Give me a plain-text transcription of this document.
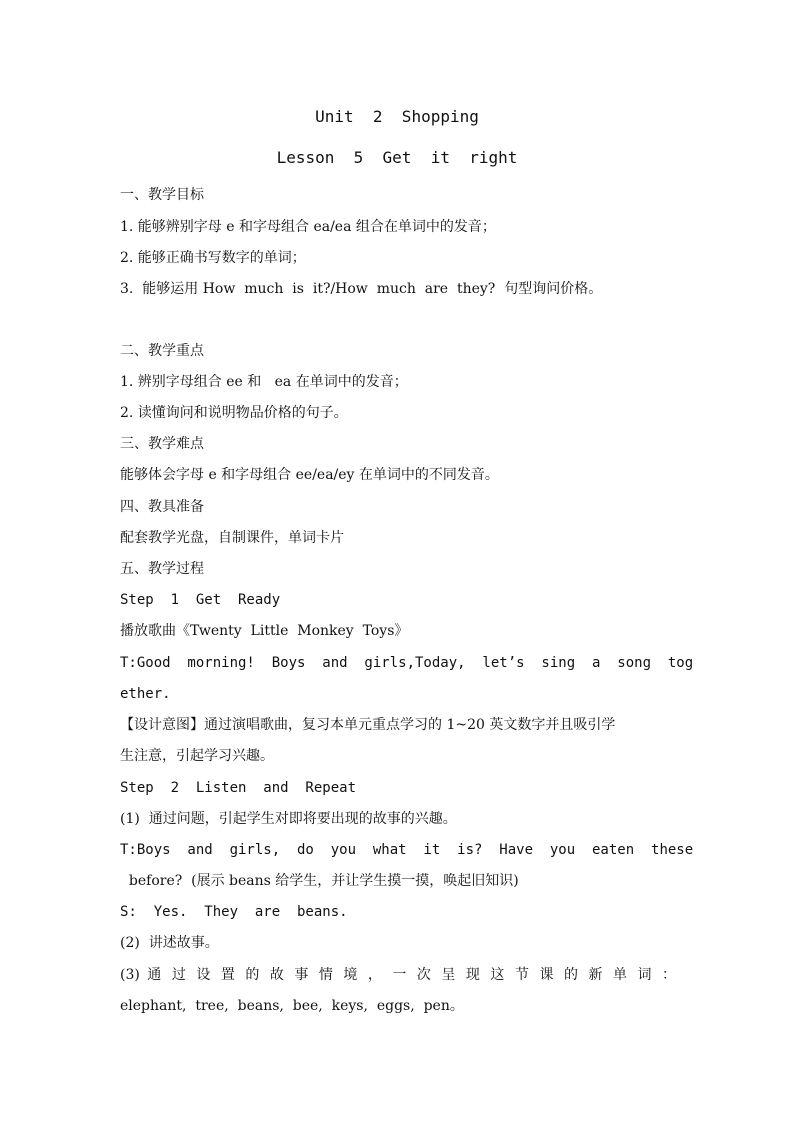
Unit  2  Shopping
Lesson  5  Get  it  right
一、教学目标
1. 能够辨别字母 e 和字母组合 ea/ea 组合在单词中的发音；
2. 能够正确书写数字的单词；
3.  能够运用 How  much  is  it?/How  much  are  they?  句型询问价格。
二、教学重点
1. 辨别字母组合 ee 和   ea 在单词中的发音；
2. 读懂询问和说明物品价格的句子。
三、教学难点
能够体会字母 e 和字母组合 ee/ea/ey 在单词中的不同发音。
四、教具准备
配套教学光盘，自制课件，单词卡片
五、教学过程
Step  1  Get  Ready
播放歌曲《Twenty  Little  Monkey  Toys》
T:Good  morning!  Boys  and  girls,Today,  let’s  sing  a  song  tog
ether.
【设计意图】通过演唱歌曲，复习本单元重点学习的 1~20 英文数字并且吸引学
生注意，引起学习兴趣。
Step  2  Listen  and  Repeat
(1)  通过问题，引起学生对即将要出现的故事的兴趣。
T:Boys  and  girls,  do  you  what  it  is?  Have  you  eaten  these
before?  (展示 beans 给学生，并让学生摸一摸，唤起旧知识)
S:  Yes.  They  are  beans.
(2)  讲述故事。
(3) 通 过 设 置 的 故 事 情 境 ， 一 次 呈 现 这 节 课 的 新 单 词 ：
elephant,  tree,  beans,  bee,  keys,  eggs,  pen。
